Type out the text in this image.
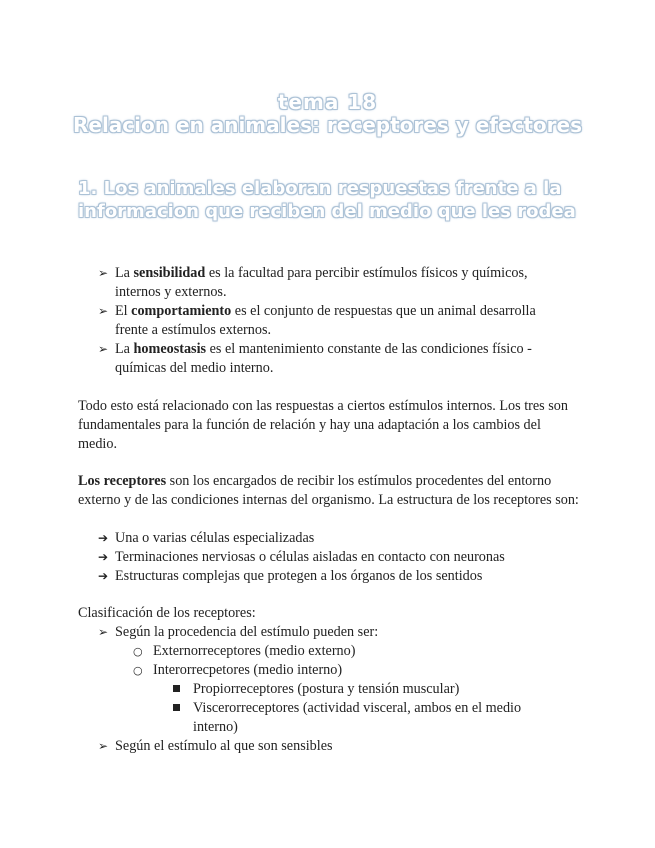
tema 18
Relacion en animales: receptores y efectores
1. Los animales elaboran respuestas frente a la informacion que reciben del medio que les rodea
➢ La sensibilidad es la facultad para percibir estímulos físicos y químicos, internos y externos.
➢ El comportamiento es el conjunto de respuestas que un animal desarrolla frente a estímulos externos.
➢ La homeostasis es el mantenimiento constante de las condiciones físico - químicas del medio interno.
Todo esto está relacionado con las respuestas a ciertos estímulos internos. Los tres son fundamentales para la función de relación y hay una adaptación a los cambios del medio.
Los receptores son los encargados de recibir los estímulos procedentes del entorno externo y de las condiciones internas del organismo. La estructura de los receptores son:
➔ Una o varias células especializadas
➔ Terminaciones nerviosas o células aisladas en contacto con neuronas
➔ Estructuras complejas que protegen a los órganos de los sentidos
Clasificación de los receptores:
➢ Según la procedencia del estímulo pueden ser:
○ Externorreceptores (medio externo)
○ Interorrecpetores (medio interno)
Propiorreceptores (postura y tensión muscular)
Viscerorreceptores (actividad visceral, ambos en el medio interno)
➢ Según el estímulo al que son sensibles
